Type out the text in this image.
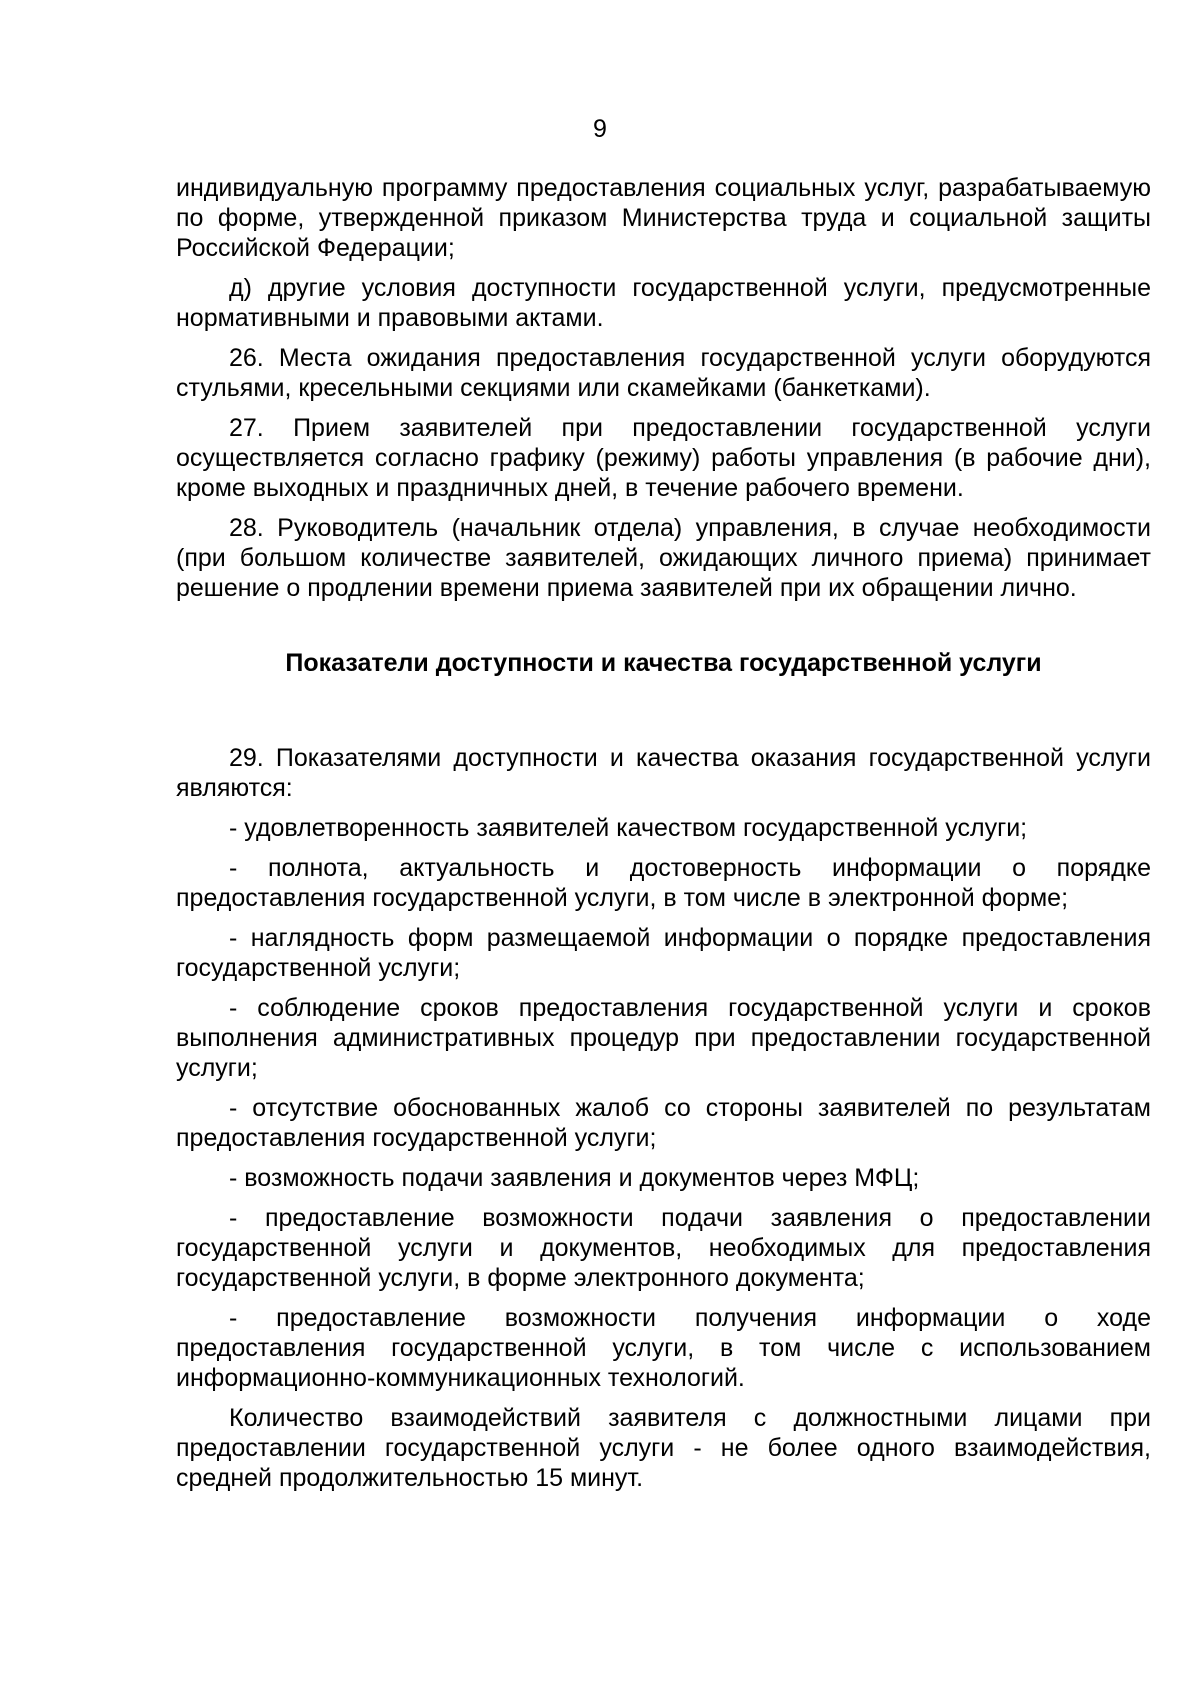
9

индивидуальную программу предоставления социальных услуг, разрабатываемую по форме, утвержденной приказом Министерства труда и социальной защиты Российской Федерации;

д) другие условия доступности государственной услуги, предусмотренные нормативными и правовыми актами.

26. Места ожидания предоставления государственной услуги оборудуются стульями, кресельными секциями или скамейками (банкетками).

27. Прием заявителей при предоставлении государственной услуги осуществляется согласно графику (режиму) работы управления (в рабочие дни), кроме выходных и праздничных дней, в течение рабочего времени.

28. Руководитель (начальник отдела) управления, в случае необходимости (при большом количестве заявителей, ожидающих личного приема) принимает решение о продлении времени приема заявителей при их обращении лично.

Показатели доступности и качества государственной услуги

29. Показателями доступности и качества оказания государственной услуги являются:

- удовлетворенность заявителей качеством государственной услуги;

- полнота, актуальность и достоверность информации о порядке предоставления государственной услуги, в том числе в электронной форме;

- наглядность форм размещаемой информации о порядке предоставления государственной услуги;

- соблюдение сроков предоставления государственной услуги и сроков выполнения административных процедур при предоставлении государственной услуги;

- отсутствие обоснованных жалоб со стороны заявителей по результатам предоставления государственной услуги;

- возможность подачи заявления и документов через МФЦ;

- предоставление возможности подачи заявления о предоставлении государственной услуги и документов, необходимых для предоставления государственной услуги, в форме электронного документа;

- предоставление возможности получения информации о ходе предоставления государственной услуги, в том числе с использованием информационно-коммуникационных технологий.

Количество взаимодействий заявителя с должностными лицами при предоставлении государственной услуги - не более одного взаимодействия, средней продолжительностью 15 минут.
